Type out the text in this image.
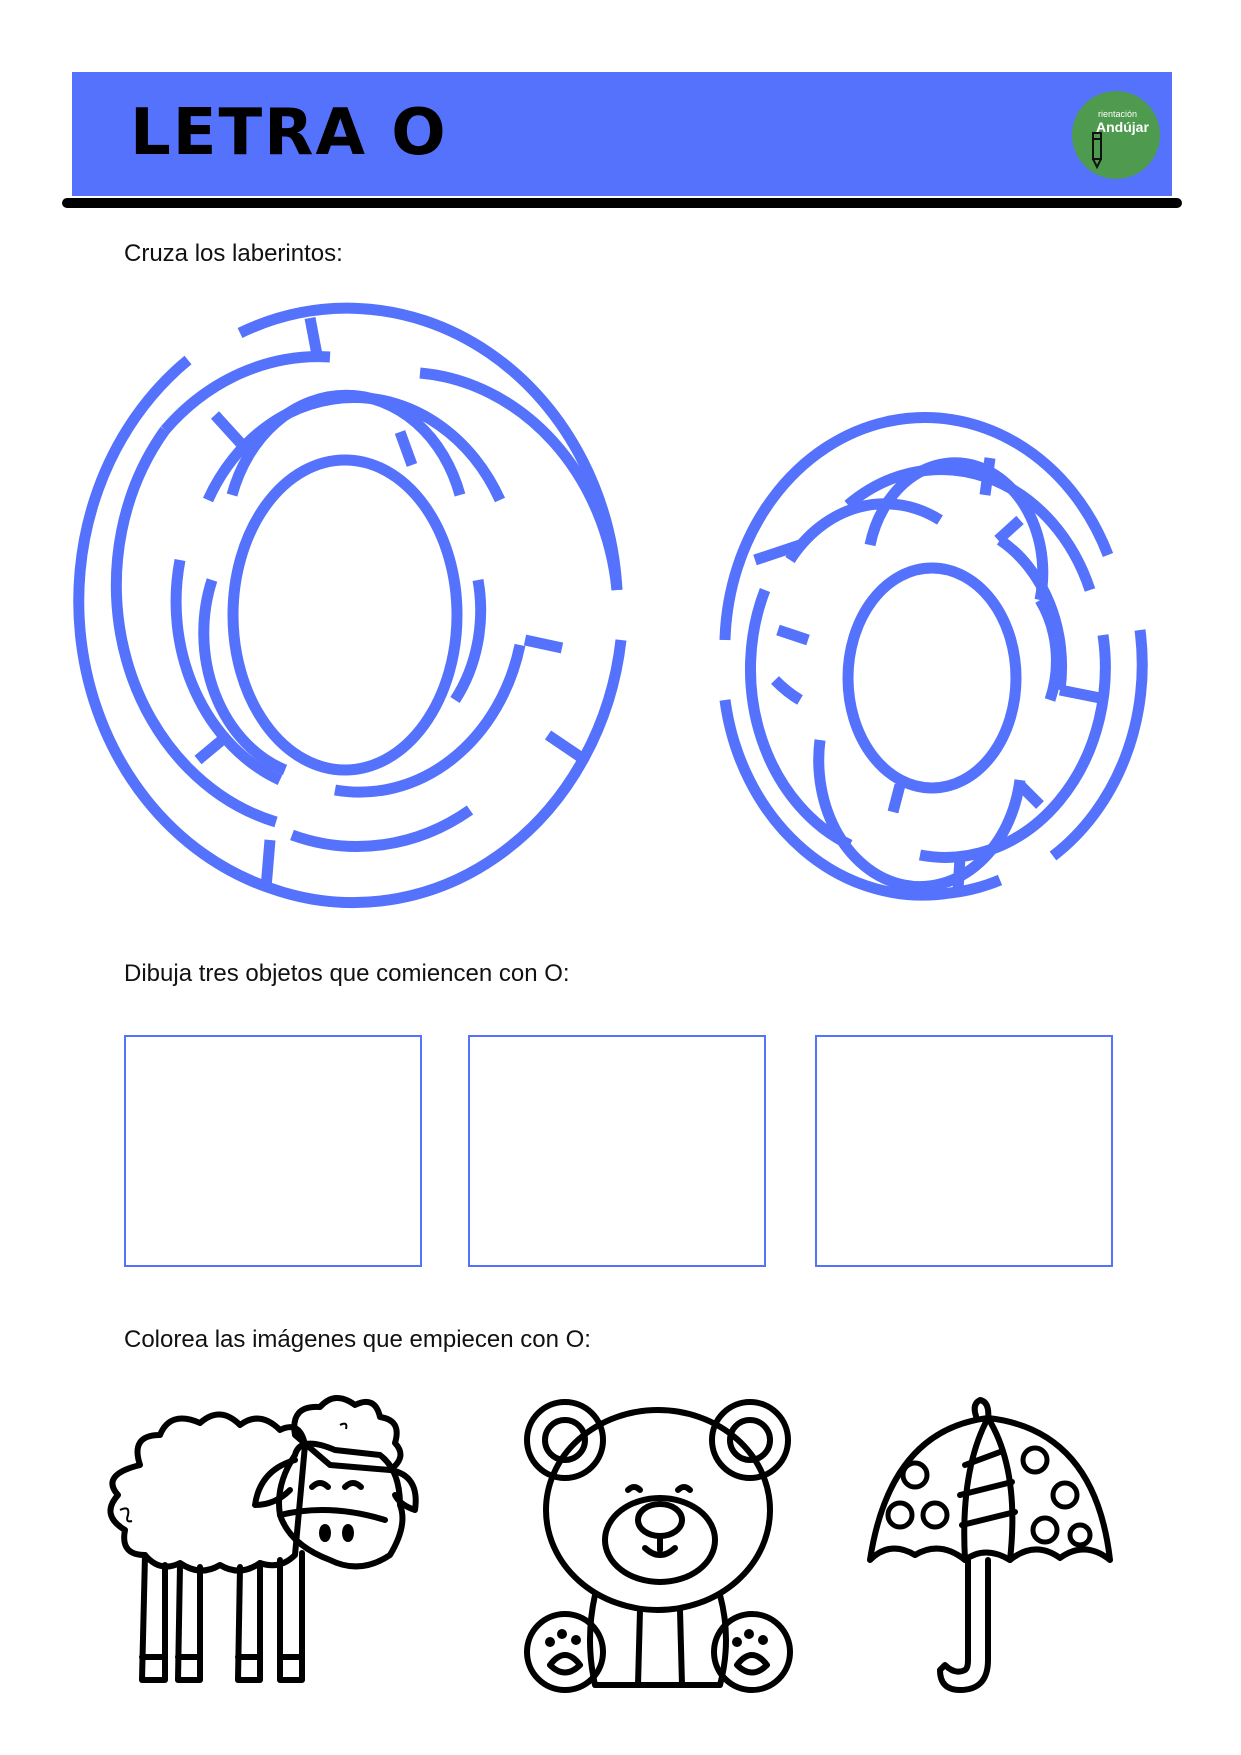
LETRA O	rientación
Andújar
Cruza los laberintos:
Dibuja tres objetos que comiencen con O:
Colorea las imágenes que empiecen con O:
